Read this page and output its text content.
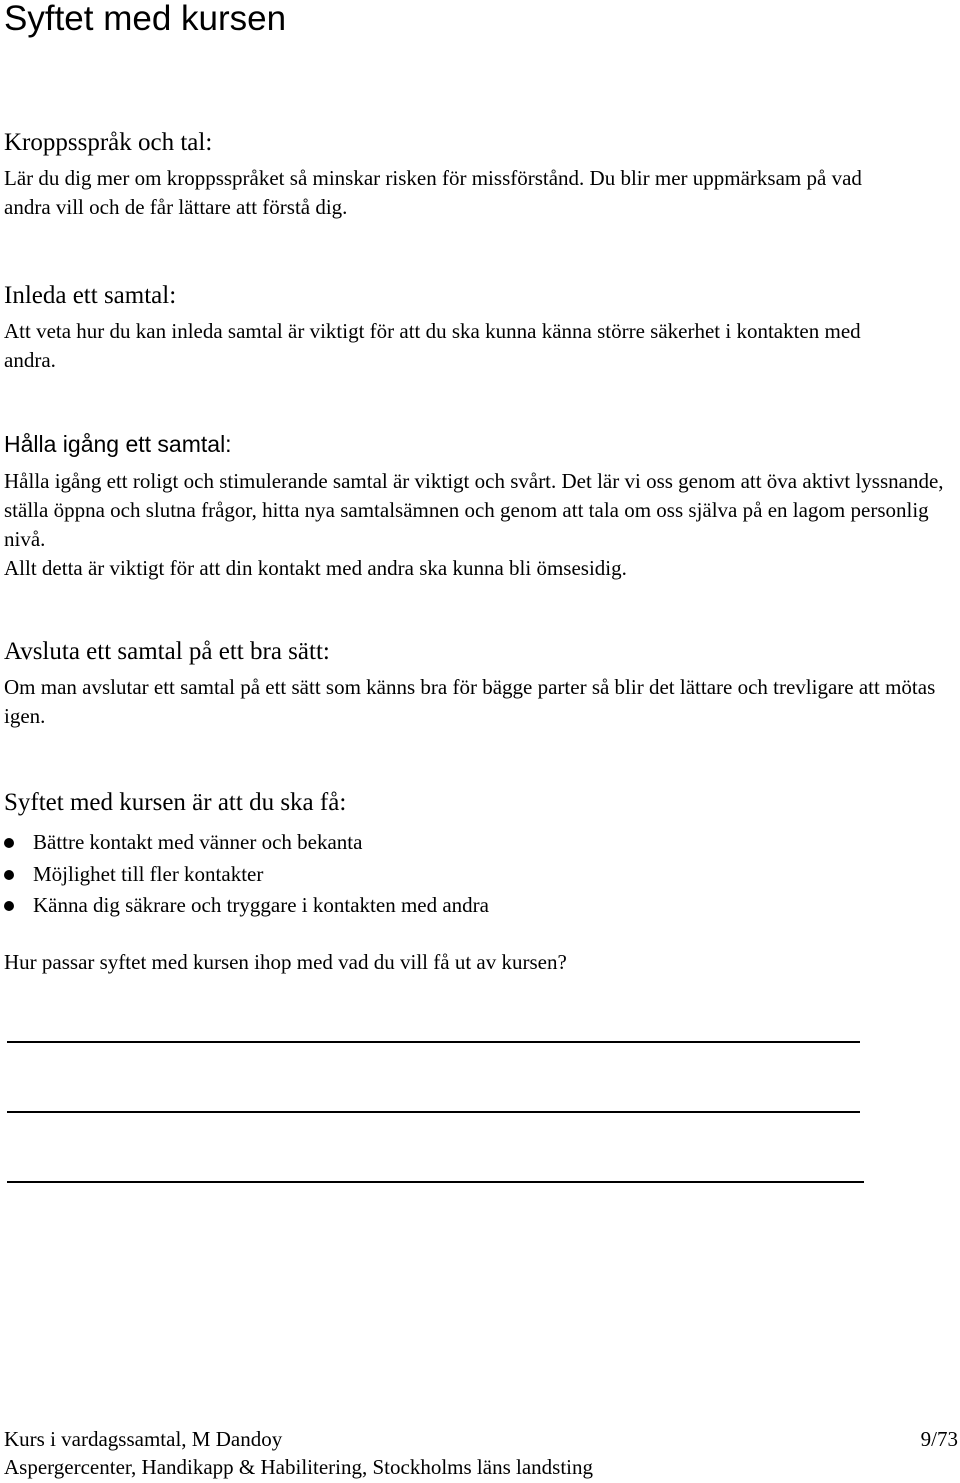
Syftet med kursen
Kroppsspråk och tal:

Lär du dig mer om kroppsspråket så minskar risken för missförstånd. Du blir mer uppmärksam på vad andra vill och de får lättare att förstå dig.

Inleda ett samtal:

Att veta hur du kan inleda samtal är viktigt för att du ska kunna känna större säkerhet i kontakten med andra.

Hålla igång ett samtal:

Hålla igång ett roligt och stimulerande samtal är viktigt och svårt. Det lär vi oss genom att öva aktivt lyssnande, ställa öppna och slutna frågor, hitta nya samtalsämnen och genom att tala om oss själva på en lagom personlig nivå.

Allt detta är viktigt för att din kontakt med andra ska kunna bli ömsesidig.

Avsluta ett samtal på ett bra sätt:

Om man avslutar ett samtal på ett sätt som känns bra för bägge parter så blir det lättare och trevligare att mötas igen.

Syftet med kursen är att du ska få:
Bättre kontakt med vänner och bekanta
Möjlighet till fler kontakter
Känna dig säkrare och tryggare i kontakten med andra

Hur passar syftet med kursen ihop med vad du vill få ut av kursen?

Kurs i vardagssamtal, M Dandoy	9/73
Aspergercenter, Handikapp & Habilitering, Stockholms läns landsting
